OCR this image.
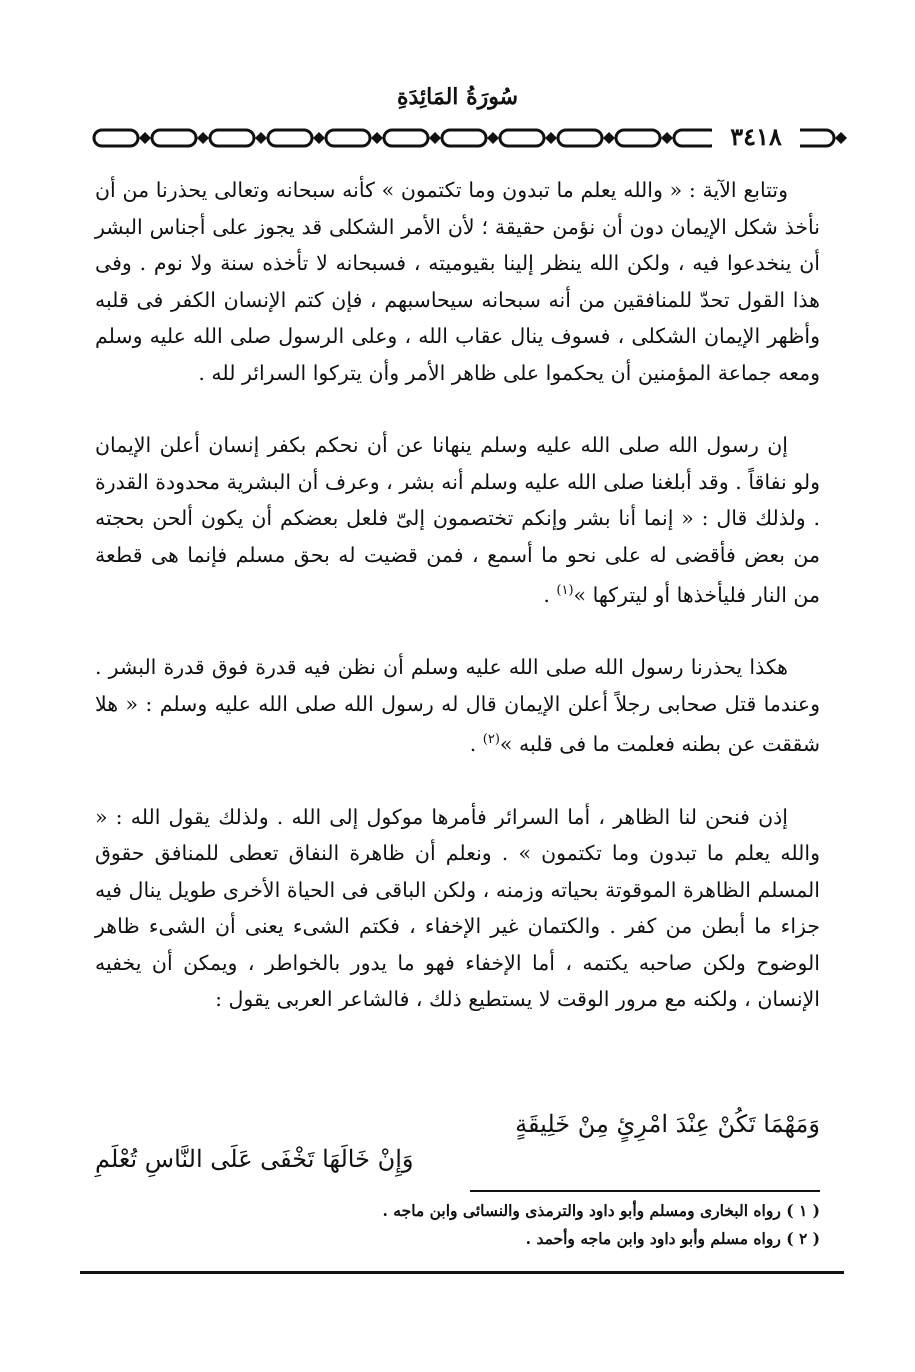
سُورَةُ المَائِدَةِ
٣٤١٨

وتتابع الآية : « والله يعلم ما تبدون وما تكتمون » كأنه سبحانه وتعالى يحذرنا من أن نأخذ شكل الإيمان دون أن نؤمن حقيقة ؛ لأن الأمر الشكلى قد يجوز على أجناس البشر أن ينخدعوا فيه ، ولكن الله ينظر إلينا بقيوميته ، فسبحانه لا تأخذه سنة ولا نوم . وفى هذا القول تحدّ للمنافقين من أنه سبحانه سيحاسبهم ، فإن كتم الإنسان الكفر فى قلبه وأظهر الإيمان الشكلى ، فسوف ينال عقاب الله ، وعلى الرسول صلى الله عليه وسلم ومعه جماعة المؤمنين أن يحكموا على ظاهر الأمر وأن يتركوا السرائر لله .

إن رسول الله صلى الله عليه وسلم ينهانا عن أن نحكم بكفر إنسان أعلن الإيمان ولو نفاقاً . وقد أبلغنا صلى الله عليه وسلم أنه بشر ، وعرف أن البشرية محدودة القدرة . ولذلك قال : « إنما أنا بشر وإنكم تختصمون إلىّ فلعل بعضكم أن يكون ألحن بحجته من بعض فأقضى له على نحو ما أسمع ، فمن قضيت له بحق مسلم فإنما هى قطعة من النار فليأخذها أو ليتركها »$^{(١)}$ .

هكذا يحذرنا رسول الله صلى الله عليه وسلم أن نظن فيه قدرة فوق قدرة البشر . وعندما قتل صحابى رجلاً أعلن الإيمان قال له رسول الله صلى الله عليه وسلم : « هلا شققت عن بطنه فعلمت ما فى قلبه »$^{(٢)}$ .

إذن فنحن لنا الظاهر ، أما السرائر فأمرها موكول إلى الله . ولذلك يقول الله : « والله يعلم ما تبدون وما تكتمون » . ونعلم أن ظاهرة النفاق تعطى للمنافق حقوق المسلم الظاهرة الموقوتة بحياته وزمنه ، ولكن الباقى فى الحياة الأخرى طويل ينال فيه جزاء ما أبطن من كفر . والكتمان غير الإخفاء ، فكتم الشىء يعنى أن الشىء ظاهر الوضوح ولكن صاحبه يكتمه ، أما الإخفاء فهو ما يدور بالخواطر ، ويمكن أن يخفيه الإنسان ، ولكنه مع مرور الوقت لا يستطيع ذلك ، فالشاعر العربى يقول :

وَمَهْمَا تَكُنْ عِنْدَ امْرِئٍ مِنْ خَلِيقَةٍ
وَإِنْ خَالَهَا تَخْفَى عَلَى النَّاسِ تُعْلَمِ
( ١ ) رواه البخارى ومسلم وأبو داود والترمذى والنسائى وابن ماجه .
( ٢ ) رواه مسلم وأبو داود وابن ماجه وأحمد .
